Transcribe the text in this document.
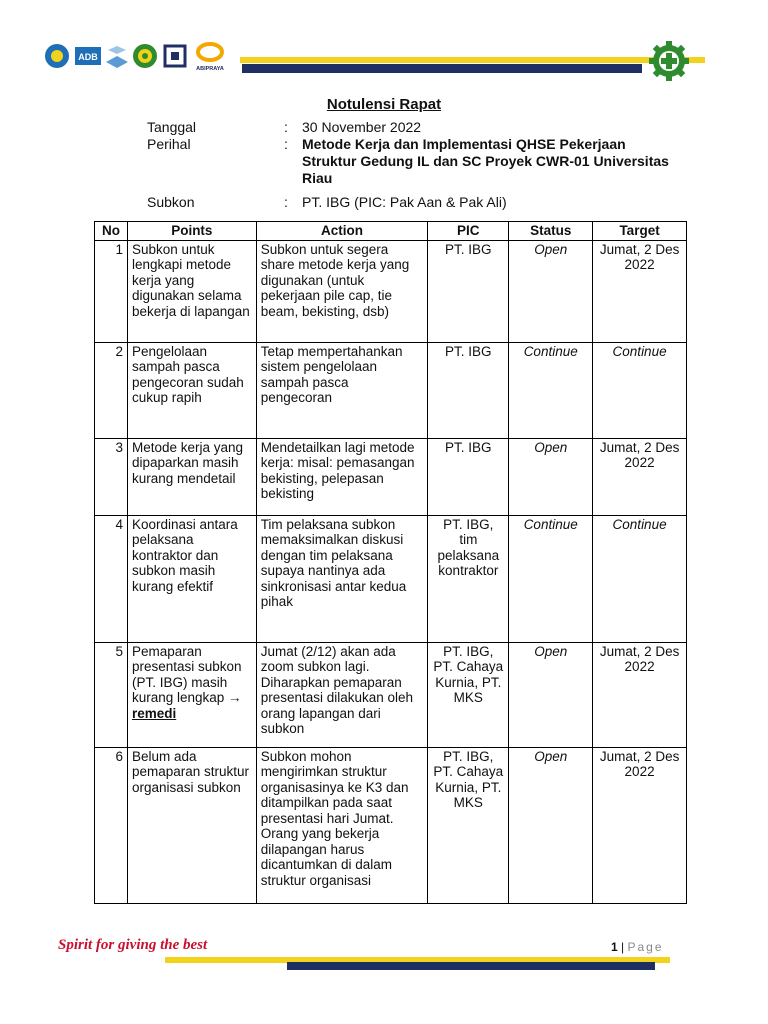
ADB
ABIPRAYA
Notulensi Rapat
Tanggal	:	30 November 2022
Perihal	:	Metode Kerja dan Implementasi QHSE Pekerjaan Struktur Gedung IL dan SC Proyek CWR-01 Universitas Riau
Subkon	:	PT. IBG (PIC: Pak Aan & Pak Ali)
No	Points	Action	PIC	Status	Target
1	Subkon untuk lengkapi metode kerja yang digunakan selama bekerja di lapangan	Subkon untuk segera share metode kerja yang digunakan (untuk pekerjaan pile cap, tie beam, bekisting, dsb)	PT. IBG	Open	Jumat, 2 Des 2022
2	Pengelolaan sampah pasca pengecoran sudah cukup rapih	Tetap mempertahankan sistem pengelolaan sampah pasca pengecoran	PT. IBG	Continue	Continue
3	Metode kerja yang dipaparkan masih kurang mendetail	Mendetailkan lagi metode kerja: misal: pemasangan bekisting, pelepasan bekisting	PT. IBG	Open	Jumat, 2 Des 2022
4	Koordinasi antara pelaksana kontraktor dan subkon masih kurang efektif	Tim pelaksana subkon memaksimalkan diskusi dengan tim pelaksana supaya nantinya ada sinkronisasi antar kedua pihak	PT. IBG, tim pelaksana kontraktor	Continue	Continue
5	Pemaparan presentasi subkon (PT. IBG) masih kurang lengkap → remedi	Jumat (2/12) akan ada zoom subkon lagi. Diharapkan pemaparan presentasi dilakukan oleh orang lapangan dari subkon	PT. IBG, PT. Cahaya Kurnia, PT. MKS	Open	Jumat, 2 Des 2022
6	Belum ada pemaparan struktur organisasi subkon	Subkon mohon mengirimkan struktur organisasinya ke K3 dan ditampilkan pada saat presentasi hari Jumat. Orang yang bekerja dilapangan harus dicantumkan di dalam struktur organisasi	PT. IBG, PT. Cahaya Kurnia, PT. MKS	Open	Jumat, 2 Des 2022
Spirit for giving the best	1 | Page
